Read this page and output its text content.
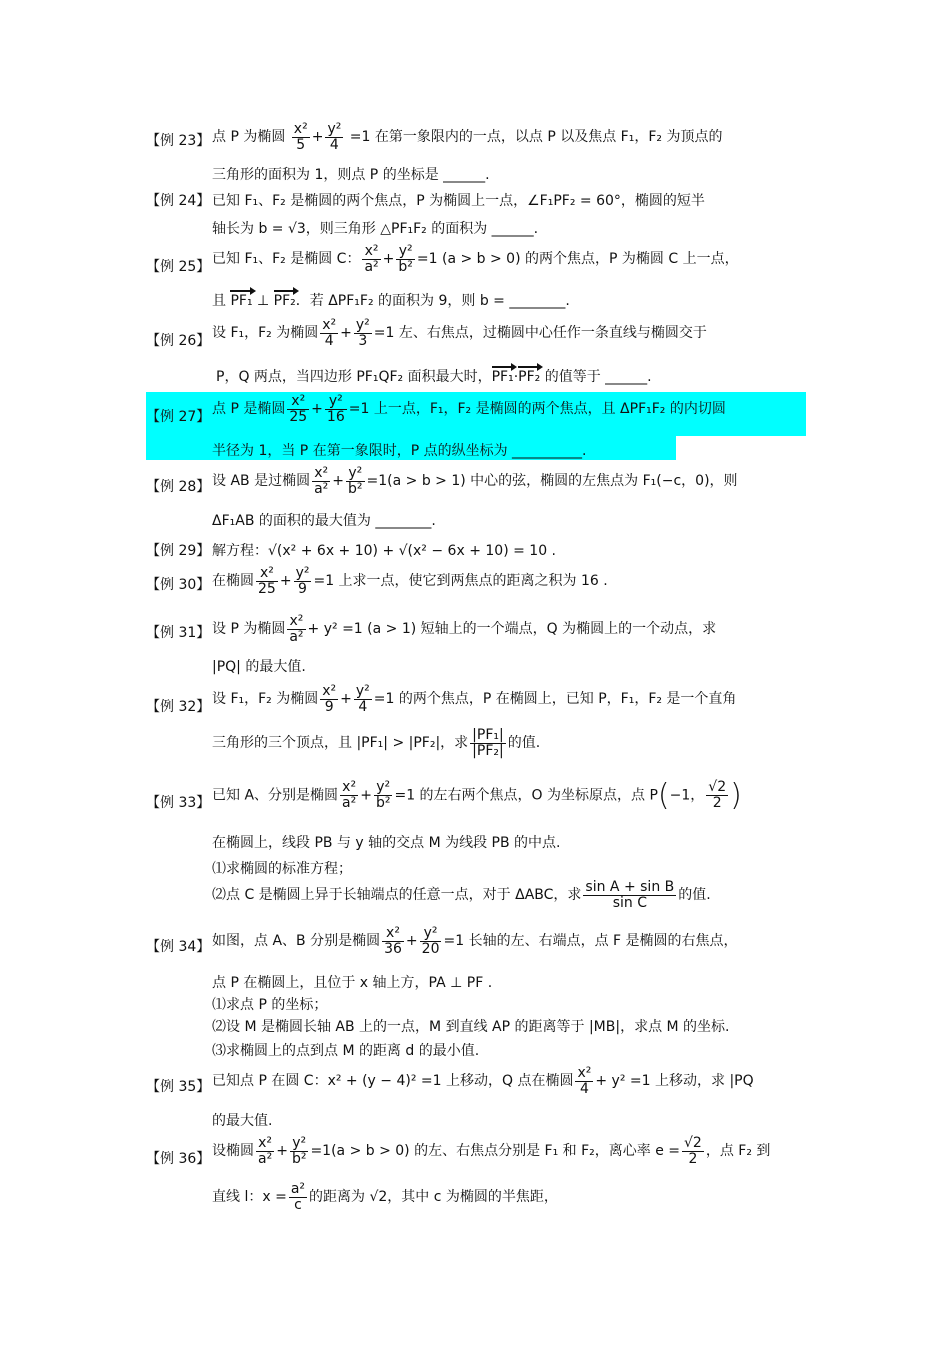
【例 23】 点 P 为椭圆 $\frac{\text{x²}}{5} + \frac{\text{y²}}{4} =1$ 在第一象限内的一点，以点 P 以及焦点 F₁，F₂ 为顶点的
三角形的面积为 1，则点 P 的坐标是 ______.
【例 24】 已知 F₁、F₂ 是椭圆的两个焦点，P 为椭圆上一点，∠F₁PF₂ = 60°，椭圆的短半
轴长为 b = √3，则三角形 △PF₁F₂ 的面积为 ______.
【例 25】 已知 F₁、F₂ 是椭圆 C： $\frac{\text{x²}}{\text{a²}} + \frac{\text{y²}}{\text{b²}} =1$ (a > b > 0) 的两个焦点，P 为椭圆 C 上一点，
且 PF₁ ⊥ PF₂．若 ΔPF₁F₂ 的面积为 9，则 b = ________.
【例 26】 设 F₁，F₂ 为椭圆 $\frac{\text{x²}}{4} + \frac{\text{y²}}{3} =1$ 左、右焦点，过椭圆中心任作一条直线与椭圆交于
P，Q 两点，当四边形 PF₁QF₂ 面积最大时，PF₁·PF₂ 的值等于 ______.
【例 27】 点 P 是椭圆 $\frac{\text{x²}}{25} + \frac{\text{y²}}{16} =1$ 上一点，F₁，F₂ 是椭圆的两个焦点，且 ΔPF₁F₂ 的内切圆
半径为 1，当 P 在第一象限时，P 点的纵坐标为 __________.
【例 28】 设 AB 是过椭圆 $\frac{\text{x²}}{\text{a²}} + \frac{\text{y²}}{\text{b²}} =1(a > b > 1)$ 中心的弦，椭圆的左焦点为 F₁(−c，0)，则
ΔF₁AB 的面积的最大值为 ________.
【例 29】 解方程：√(x² + 6x + 10) + √(x² − 6x + 10) = 10 .
【例 30】 在椭圆 $\frac{\text{x²}}{25} + \frac{\text{y²}}{9} =1$ 上求一点，使它到两焦点的距离之积为 16 .
【例 31】 设 P 为椭圆 $\frac{\text{x²}}{\text{a²}} + y^2 =1$ (a > 1) 短轴上的一个端点，Q 为椭圆上的一个动点，求
|PQ| 的最大值.
【例 32】 设 F₁，F₂ 为椭圆 $\frac{\text{x²}}{9} + \frac{\text{y²}}{4} =1$ 的两个焦点，P 在椭圆上，已知 P，F₁，F₂ 是一个直角
三角形的三个顶点，且 |PF₁| > |PF₂|，求 $\frac{\text{|PF₁|}}{\text{|PF₂|}}$ 的值.
【例 33】 已知 A、分别是椭圆 $\frac{\text{x²}}{\text{a²}} + \frac{\text{y²}}{\text{b²}} =1$ 的左右两个焦点，O 为坐标原点，点 P(−1， $\frac{√2}{2}$ )
在椭圆上，线段 PB 与 y 轴的交点 M 为线段 PB 的中点.
⑴求椭圆的标准方程；
⑵点 C 是椭圆上异于长轴端点的任意一点，对于 ΔABC，求 $\frac{\text{sin A + sin B}}{\text{sin C}}$ 的值.
【例 34】 如图，点 A、B 分别是椭圆 $\frac{\text{x²}}{36} + \frac{\text{y²}}{20} =1$ 长轴的左、右端点，点 F 是椭圆的右焦点，
点 P 在椭圆上，且位于 x 轴上方，PA ⊥ PF .
⑴求点 P 的坐标；
⑵设 M 是椭圆长轴 AB 上的一点，M 到直线 AP 的距离等于 |MB|，求点 M 的坐标.
⑶求椭圆上的点到点 M 的距离 d 的最小值.
【例 35】 已知点 P 在圆 C：x² + (y − 4)² =1 上移动，Q 点在椭圆 $\frac{\text{x²}}{4} + y^2 =1$ 上移动，求 |PQ
的最大值.
【例 36】 设椭圆 $\frac{\text{x²}}{\text{a²}} + \frac{\text{y²}}{\text{b²}} =1(a > b > 0)$ 的左、右焦点分别是 F₁ 和 F₂，离心率 $e = \frac{√2}{2}$ ，点 F₂ 到
直线 l：$x = \frac{\text{a²}}{c}$ 的距离为 √2，其中 c 为椭圆的半焦距，
